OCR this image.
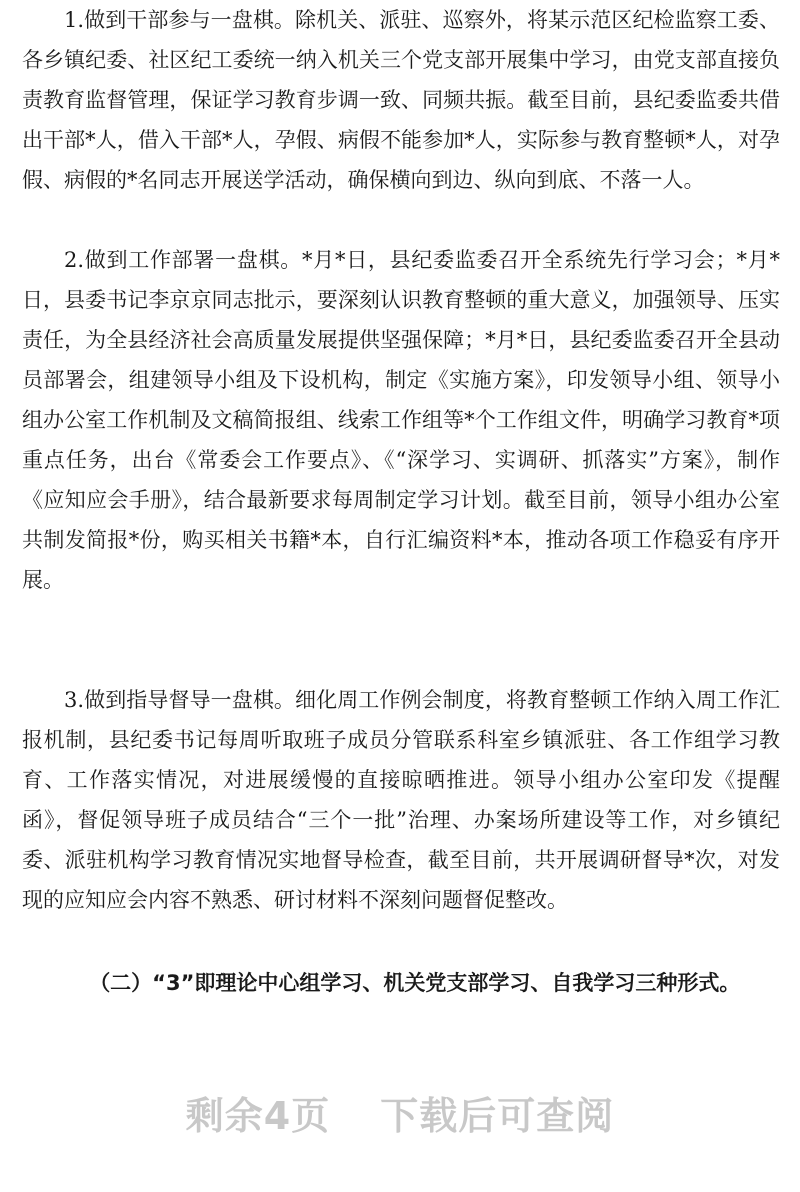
1.做到干部参与一盘棋。除机关、派驻、巡察外，将某示范区纪检监察工委、各乡镇纪委、社区纪工委统一纳入机关三个党支部开展集中学习，由党支部直接负责教育监督管理，保证学习教育步调一致、同频共振。截至目前，县纪委监委共借出干部*人，借入干部*人，孕假、病假不能参加*人，实际参与教育整顿*人，对孕假、病假的*名同志开展送学活动，确保横向到边、纵向到底、不落一人。

2.做到工作部署一盘棋。*月*日，县纪委监委召开全系统先行学习会；*月*日，县委书记李京京同志批示，要深刻认识教育整顿的重大意义，加强领导、压实责任，为全县经济社会高质量发展提供坚强保障；*月*日，县纪委监委召开全县动员部署会，组建领导小组及下设机构，制定《实施方案》，印发领导小组、领导小组办公室工作机制及文稿简报组、线索工作组等*个工作组文件，明确学习教育*项重点任务，出台《常委会工作要点》、《“深学习、实调研、抓落实”方案》，制作《应知应会手册》，结合最新要求每周制定学习计划。截至目前，领导小组办公室共制发简报*份，购买相关书籍*本，自行汇编资料*本，推动各项工作稳妥有序开展。

3.做到指导督导一盘棋。细化周工作例会制度，将教育整顿工作纳入周工作汇报机制，县纪委书记每周听取班子成员分管联系科室乡镇派驻、各工作组学习教育、工作落实情况，对进展缓慢的直接晾晒推进。领导小组办公室印发《提醒函》，督促领导班子成员结合“三个一批”治理、办案场所建设等工作，对乡镇纪委、派驻机构学习教育情况实地督导检查，截至目前，共开展调研督导*次，对发现的应知应会内容不熟悉、研讨材料不深刻问题督促整改。

（二）“3”即理论中心组学习、机关党支部学习、自我学习三种形式。

剩余4页 下载后可查阅
